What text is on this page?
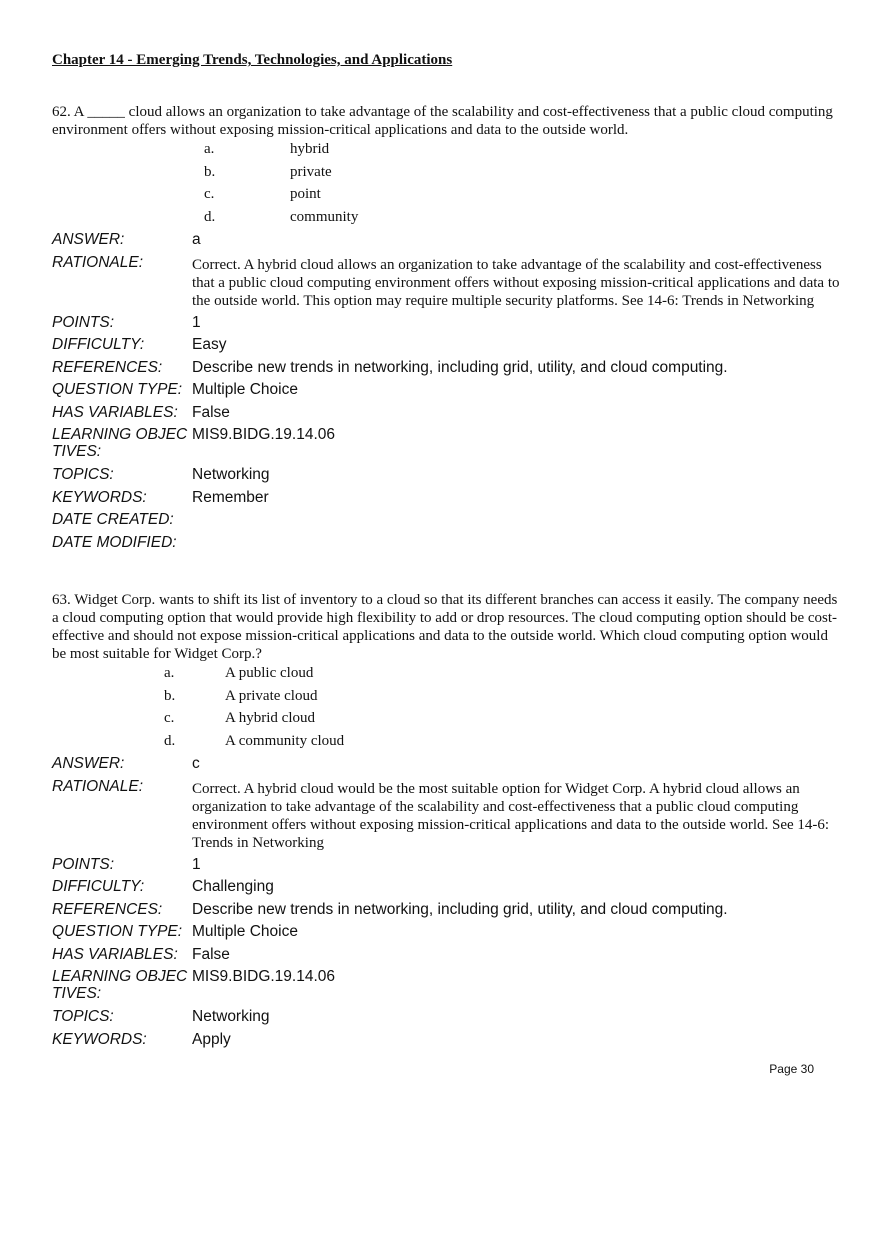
Chapter 14 - Emerging Trends, Technologies, and Applications

62. A _____ cloud allows an organization to take advantage of the scalability and cost-effectiveness that a public cloud computing environment offers without exposing mission-critical applications and data to the outside world.

a.	hybrid
b.	private
c.	point
d.	community
ANSWER:	a
RATIONALE:	Correct. A hybrid cloud allows an organization to take advantage of the scalability and cost-effectiveness that a public cloud computing environment offers without exposing mission-critical applications and data to the outside world. This option may require multiple security platforms. See 14-6: Trends in Networking
POINTS:	1
DIFFICULTY:	Easy
REFERENCES:	Describe new trends in networking, including grid, utility, and cloud computing.
QUESTION TYPE: Multiple Choice
HAS VARIABLES: False
LEARNING OBJECTIVES:
MIS9.BIDG.19.14.06
TOPICS:	Networking
KEYWORDS:	Remember
DATE CREATED:
DATE MODIFIED:

63. Widget Corp. wants to shift its list of inventory to a cloud so that its different branches can access it easily. The company needs a cloud computing option that would provide high flexibility to add or drop resources. The cloud computing option should be cost-effective and should not expose mission-critical applications and data to the outside world. Which cloud computing option would be most suitable for Widget Corp.?

a.	A public cloud
b.	A private cloud
c.	A hybrid cloud
d.	A community cloud
ANSWER:	c
RATIONALE:	Correct. A hybrid cloud would be the most suitable option for Widget Corp. A hybrid cloud allows an organization to take advantage of the scalability and cost-effectiveness that a public cloud computing environment offers without exposing mission-critical applications and data to the outside world. See 14-6: Trends in Networking
POINTS:	1
DIFFICULTY:	Challenging
REFERENCES:	Describe new trends in networking, including grid, utility, and cloud computing.
QUESTION TYPE: Multiple Choice
HAS VARIABLES: False
LEARNING OBJECTIVES:
MIS9.BIDG.19.14.06
TOPICS:	Networking
KEYWORDS:	Apply
Page 30
